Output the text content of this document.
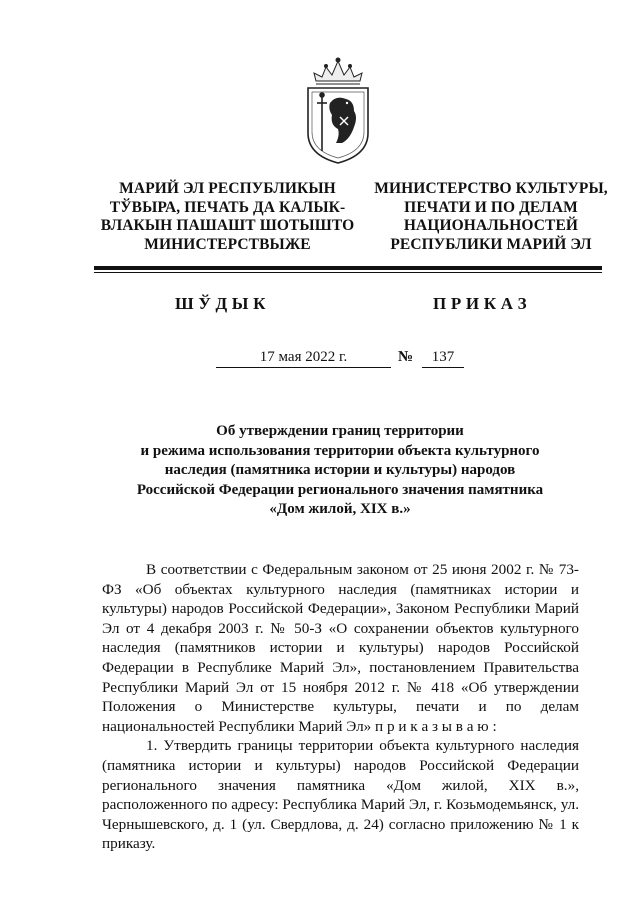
МАРИЙ ЭЛ РЕСПУБЛИКЫН
ТЎВЫРА, ПЕЧАТЬ ДА КАЛЫК-
ВЛАКЫН ПАШАШТ ШОТЫШТО
МИНИСТЕРСТВЫЖЕ
МИНИСТЕРСТВО КУЛЬТУРЫ,
ПЕЧАТИ И ПО ДЕЛАМ
НАЦИОНАЛЬНОСТЕЙ
РЕСПУБЛИКИ МАРИЙ ЭЛ
Ш Ў Д Ы К	П Р И К А З
17 мая 2022 г.	№	137
Об утверждении границ территории
и режима использования территории объекта культурного
наследия (памятника истории и культуры) народов
Российской Федерации регионального значения памятника
«Дом жилой, XIX в.»

В соответствии с Федеральным законом от 25 июня 2002 г. № 73-ФЗ «Об объектах культурного наследия (памятниках истории и культуры) народов Российской Федерации», Законом Республики Марий Эл от 4 декабря 2003 г. № 50-З «О сохранении объектов культурного наследия (памятников истории и культуры) народов Российской Федерации в Республике Марий Эл», постановлением Правительства Республики Марий Эл от 15 ноября 2012 г. № 418 «Об утверждении Положения о Министерстве культуры, печати и по делам национальностей Республики Марий Эл» п р и к а з ы в а ю :

1. Утвердить границы территории объекта культурного наследия (памятника истории и культуры) народов Российской Федерации регионального значения памятника «Дом жилой, XIX в.», расположенного по адресу: Республика Марий Эл, г. Козьмодемьянск, ул. Чернышевского, д. 1 (ул. Свердлова, д. 24) согласно приложению № 1 к приказу.
